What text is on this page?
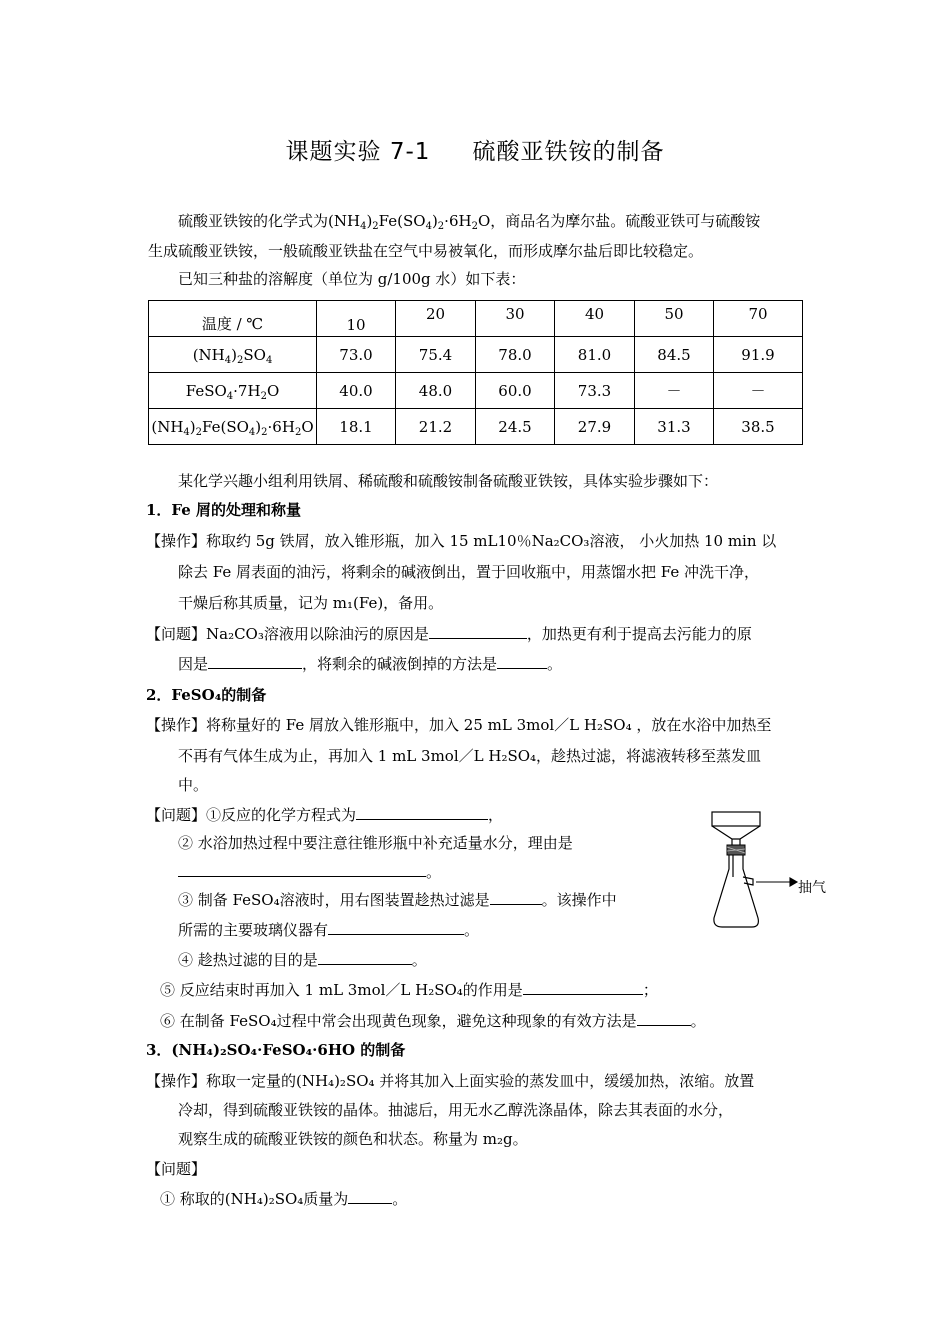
课题实验 7-1 硫酸亚铁铵的制备
硫酸亚铁铵的化学式为$(NH_4)_2Fe(SO_4)_2\cdot 6H_2O$，商品名为摩尔盐。硫酸亚铁可与硫酸铵
生成硫酸亚铁铵，一般硫酸亚铁盐在空气中易被氧化，而形成摩尔盐后即比较稳定。
已知三种盐的溶解度（单位为 g/100g 水）如下表：
温度 / ℃	10	20	30	40	50	70
$(NH_4)_2SO_4$	73.0	75.4	78.0	81.0	84.5	91.9
$FeSO_4\cdot 7H_2O$	40.0	48.0	60.0	73.3	－	－
$(NH_4)_2Fe(SO_4)_2\cdot 6H_2O$	18.1	21.2	24.5	27.9	31.3	38.5
某化学兴趣小组利用铁屑、稀硫酸和硫酸铵制备硫酸亚铁铵，具体实验步骤如下：
1．Fe 屑的处理和称量
【操作】称取约 5g 铁屑，放入锥形瓶，加入 15 mL10％Na₂CO₃溶液， 小火加热 10 min 以
除去 Fe 屑表面的油污，将剩余的碱液倒出，置于回收瓶中，用蒸馏水把 Fe 冲洗干净，
干燥后称其质量，记为 m₁(Fe)，备用。
【问题】Na₂CO₃溶液用以除油污的原因是	，加热更有利于提高去污能力的原
因是	，将剩余的碱液倒掉的方法是	。
2．FeSO₄的制备
【操作】将称量好的 Fe 屑放入锥形瓶中，加入 25 mL 3mol／L H₂SO₄ ，放在水浴中加热至
不再有气体生成为止，再加入 1 mL 3mol／L H₂SO₄，趁热过滤，将滤液转移至蒸发皿
中。
【问题】①反应的化学方程式为	，
② 水浴加热过程中要注意往锥形瓶中补充适量水分，理由是
。
③ 制备 FeSO₄溶液时，用右图装置趁热过滤是	。该操作中
所需的主要玻璃仪器有	。
④ 趁热过滤的目的是	。
⑤ 反应结束时再加入 1 mL 3mol／L H₂SO₄的作用是	；
⑥ 在制备 FeSO₄过程中常会出现黄色现象，避免这种现象的有效方法是	。
抽气
3．(NH₄)₂SO₄·FeSO₄·6HO 的制备
【操作】称取一定量的(NH₄)₂SO₄ 并将其加入上面实验的蒸发皿中，缓缓加热，浓缩。放置
冷却，得到硫酸亚铁铵的晶体。抽滤后，用无水乙醇洗涤晶体，除去其表面的水分，
观察生成的硫酸亚铁铵的颜色和状态。称量为 m₂g。
【问题】
① 称取的(NH₄)₂SO₄质量为	。
